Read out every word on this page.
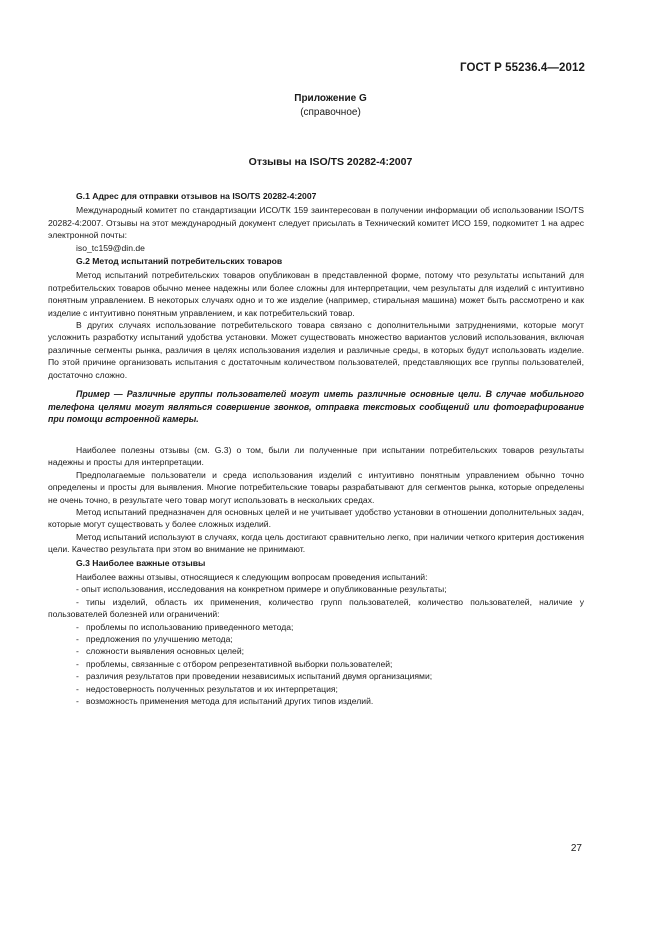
ГОСТ Р 55236.4—2012
Приложение G
(справочное)
Отзывы на ISO/TS 20282-4:2007
G.1 Адрес для отправки отзывов на ISO/TS 20282-4:2007

Международный комитет по стандартизации ИСО/ТК 159 заинтересован в получении информации об использовании ISO/TS 20282-4:2007. Отзывы на этот международный документ следует присылать в Технический комитет ИСО 159, подкомитет 1 на адрес электронной почты:

iso_tc159@din.de
G.2 Метод испытаний потребительских товаров

Метод испытаний потребительских товаров опубликован в представленной форме, потому что результаты испытаний для потребительских товаров обычно менее надежны или более сложны для интерпретации, чем результаты для изделий с интуитивно понятным управлением. В некоторых случаях одно и то же изделие (например, стиральная машина) может быть рассмотрено и как изделие с интуитивно понятным управлением, и как потребительский товар.

В других случаях использование потребительского товара связано с дополнительными затруднениями, которые могут усложнить разработку испытаний удобства установки. Может существовать множество вариантов условий использования, включая различные сегменты рынка, различия в целях использования изделия и различные среды, в которых будут использовать изделие. По этой причине организовать испытания с достаточным количеством пользователей, представляющих все группы пользователей, достаточно сложно.

Пример — Различные группы пользователей могут иметь различные основные цели. В случае мобильного телефона целями могут являться совершение звонков, отправка текстовых сообщений или фотографирование при помощи встроенной камеры.

Наиболее полезны отзывы (см. G.3) о том, были ли полученные при испытании потребительских товаров результаты надежны и просты для интерпретации.

Предполагаемые пользователи и среда использования изделий с интуитивно понятным управлением обычно точно определены и просты для выявления. Многие потребительские товары разрабатывают для сегментов рынка, которые определены не очень точно, в результате чего товар могут использовать в нескольких средах.

Метод испытаний предназначен для основных целей и не учитывает удобство установки в отношении дополнительных задач, которые могут существовать у более сложных изделий.

Метод испытаний используют в случаях, когда цель достигают сравнительно легко, при наличии четкого критерия достижения цели. Качество результата при этом во внимание не принимают.

G.3 Наиболее важные отзывы

Наиболее важны отзывы, относящиеся к следующим вопросам проведения испытаний:

- опыт использования, исследования на конкретном примере и опубликованные результаты;

- типы изделий, область их применения, количество групп пользователей, количество пользователей, наличие у пользователей болезней или ограничений:

- проблемы по использованию приведенного метода;
- предложения по улучшению метода;
- сложности выявления основных целей;
- проблемы, связанные с отбором репрезентативной выборки пользователей;
- различия результатов при проведении независимых испытаний двумя организациями;
- недостоверность полученных результатов и их интерпретация;
- возможность применения метода для испытаний других типов изделий.
27
